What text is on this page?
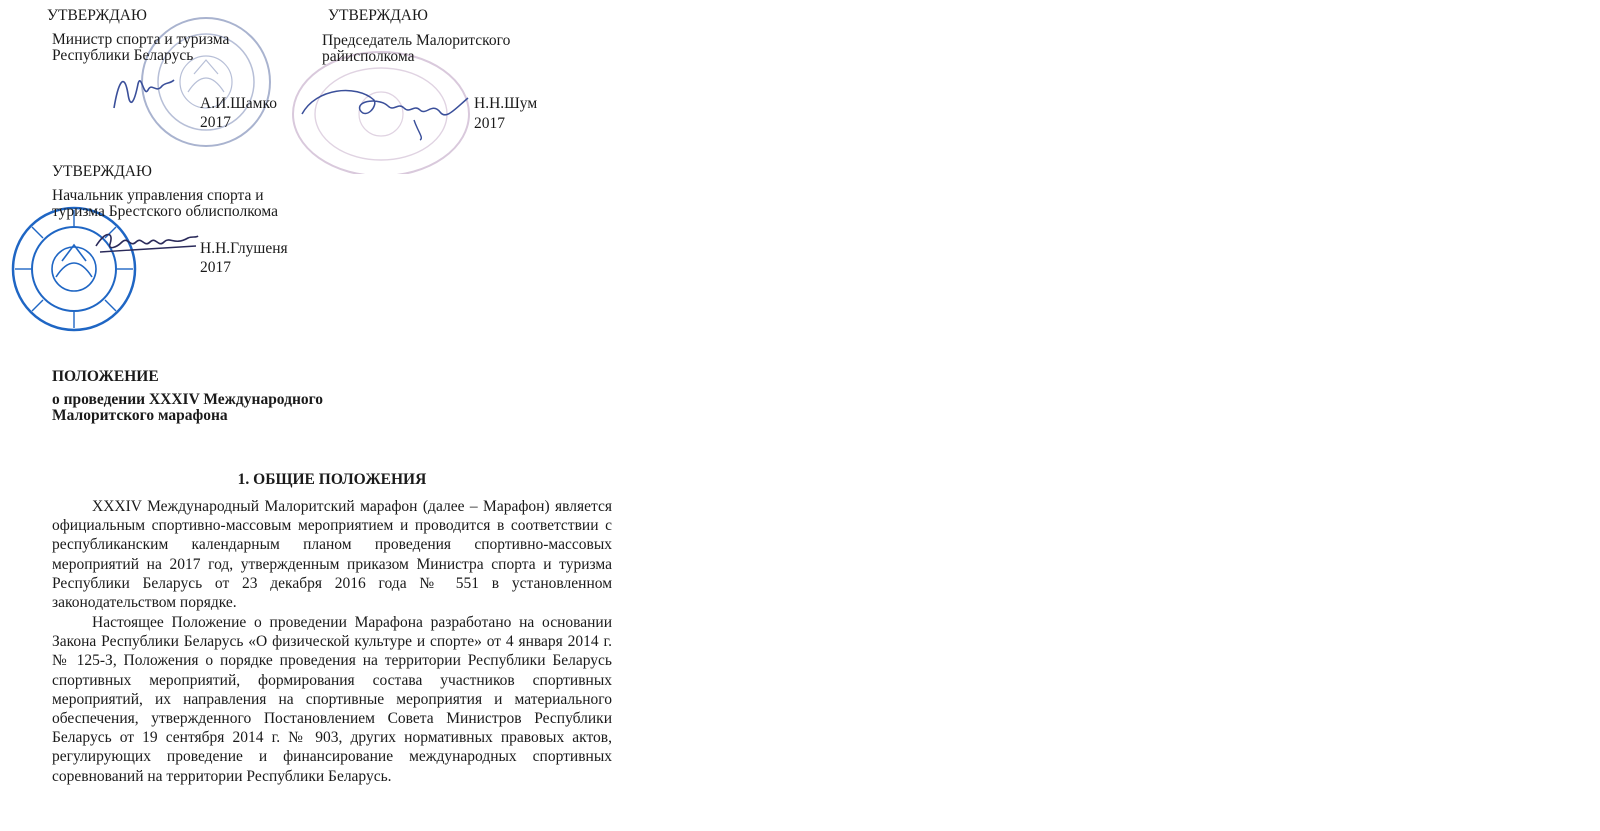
УТВЕРЖДАЮ
Министр спорта и туризма
Республики Беларусь
А.И.Шамко
2017
УТВЕРЖДАЮ
Председатель Малоритского
райисполкома
Н.Н.Шум
2017
УТВЕРЖДАЮ
Начальник управления спорта и
туризма Брестского облисполкома
Н.Н.Глушеня
2017
ПОЛОЖЕНИЕ
о проведении XXXIV Международного
Малоритского марафона
1. ОБЩИЕ ПОЛОЖЕНИЯ
XXXIV Международный Малоритский марафон (далее – Марафон) является официальным спортивно-массовым мероприятием и проводится в соответствии с республиканским календарным планом проведения спортивно-массовых мероприятий на 2017 год, утвержденным приказом Министра спорта и туризма Республики Беларусь от 23 декабря 2016 года № 551 в установленном законодательством порядке.
Настоящее Положение о проведении Марафона разработано на основании Закона Республики Беларусь «О физической культуре и спорте» от 4 января 2014 г. № 125-З, Положения о порядке проведения на территории Республики Беларусь спортивных мероприятий, формирования состава участников спортивных мероприятий, их направления на спортивные мероприятия и материального обеспечения, утвержденного Постановлением Совета Министров Республики Беларусь от 19 сентября 2014 г. № 903, других нормативных правовых актов, регулирующих проведение и финансирование международных спортивных соревнований на территории Республики Беларусь.
